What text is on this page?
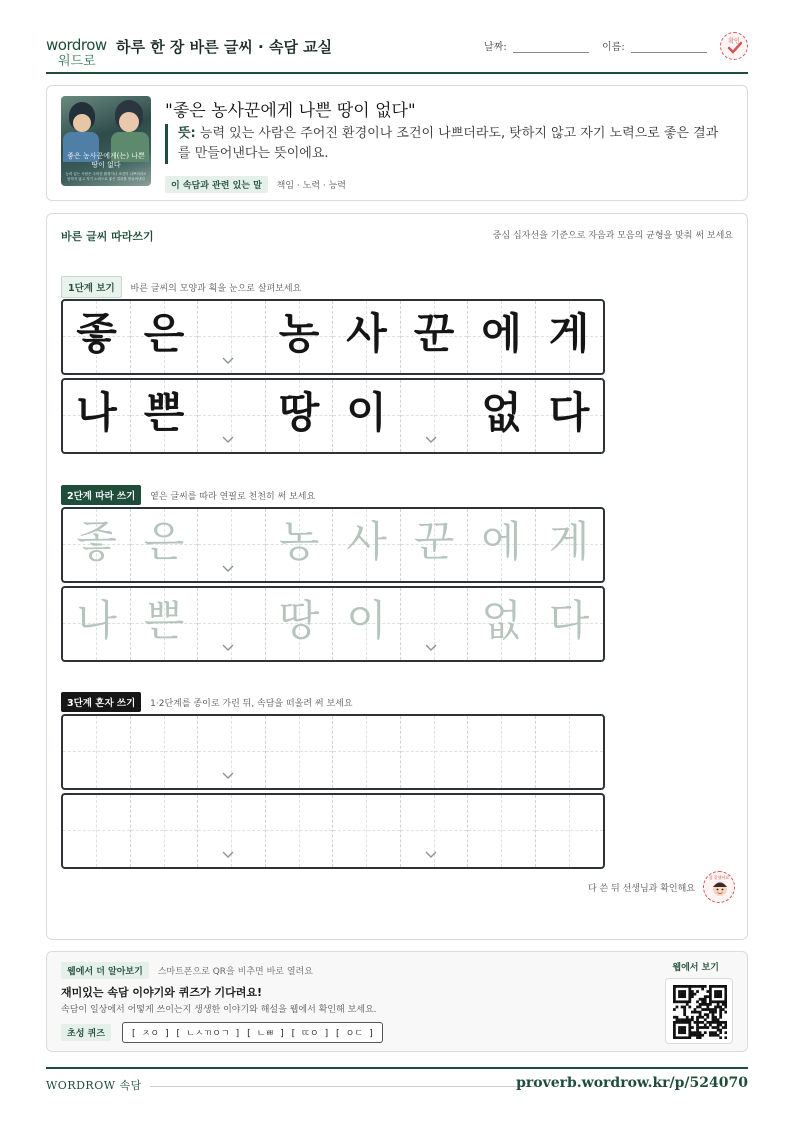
wordrow
워드로
하루 한 장 바른 글씨 · 속담 교실	날짜:	이름:
확인
좋은 농사꾼에게(는) 나쁜 땅이 없다
능력 있는 사람은 주어진 환경이나 조건이 나쁘더라도 탓하지 않고 자기 노력으로 좋은 결과를 만들어낸다
"좋은 농사꾼에게 나쁜 땅이 없다"
뜻: 능력 있는 사람은 주어진 환경이나 조건이 나쁘더라도, 탓하지 않고 자기 노력으로 좋은 결과를 만들어낸다는 뜻이에요.
이 속담과 관련 있는 말 책임 · 노력 · 능력
바른 글씨 따라쓰기	중심 십자선을 기준으로 자음과 모음의 균형을 맞춰 써 보세요
1단계 보기 바른 글씨의 모양과 획을 눈으로 살펴보세요
좋 은	농 사 꾼 에 게
나 쁜	땅 이	없 다
2단계 따라 쓰기 옅은 글씨를 따라 연필로 천천히 써 보세요
좋 은	농 사 꾼 에 게
나 쁜	땅 이	없 다
3단계 혼자 쓰기 1·2단계를 종이로 가린 뒤, 속담을 떠올려 써 보세요
다 쓴 뒤 선생님과 확인해요
참 잘했어요
웹에서 더 알아보기 스마트폰으로 QR을 비추면 바로 열려요
재미있는 속담 이야기와 퀴즈가 기다려요!
속담이 일상에서 어떻게 쓰이는지 생생한 이야기와 해설을 웹에서 확인해 보세요.
초성 퀴즈	[ ㅈㅇ ] [ ㄴㅅㄲㅇㄱ ] [ ㄴㅃ ] [ ㄸㅇ ] [ ㅇㄷ ]
웹에서 보기
WORDROW 속담	proverb.wordrow.kr/p/524070
